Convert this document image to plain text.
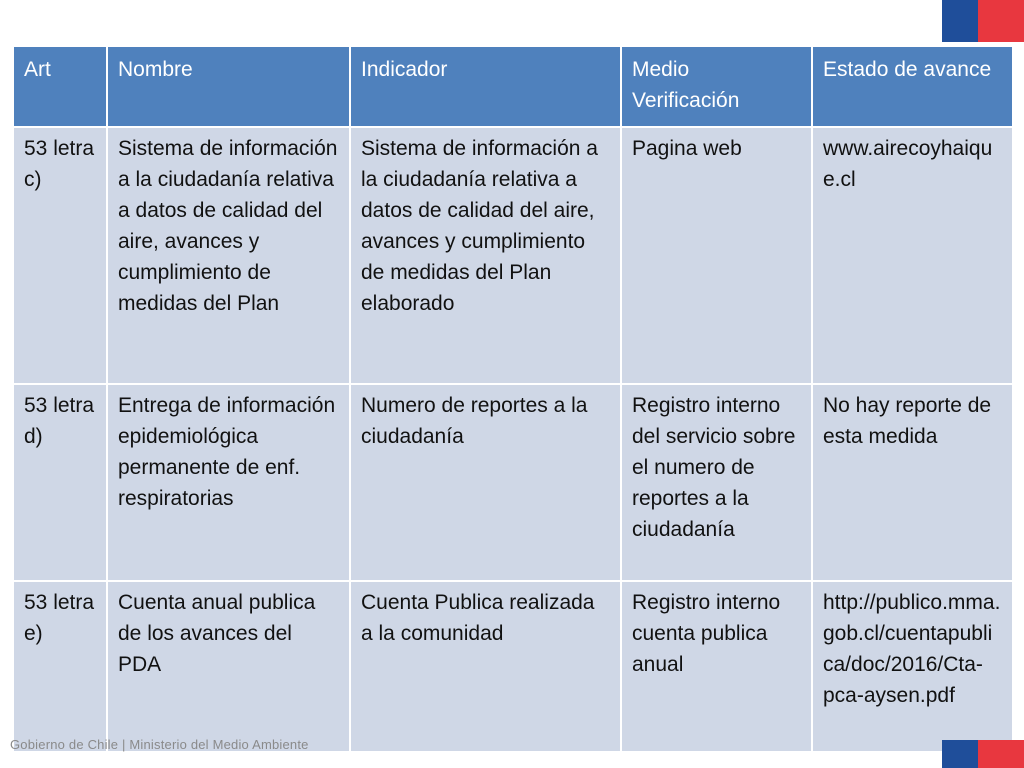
Art	Nombre	Indicador	Medio Verificación	Estado de avance
53 letra c)	Sistema de información a la ciudadanía relativa a datos de calidad del aire, avances y cumplimiento de medidas del Plan	Sistema de información a la ciudadanía relativa a datos de calidad del aire, avances y cumplimiento de medidas del Plan elaborado	Pagina web	www.airecoyhaique.cl
53 letra d)	Entrega de información epidemiológica permanente de enf. respiratorias	Numero de reportes a la ciudadanía	Registro interno del servicio sobre el numero de reportes a la ciudadanía	No hay reporte de esta medida
53 letra e)	Cuenta anual publica de los avances del PDA	Cuenta Publica realizada a la comunidad	Registro interno cuenta publica anual	http://publico.mma.gob.cl/cuentapublica/doc/2016/Cta-pca-aysen.pdf
Gobierno de Chile | Ministerio del Medio Ambiente
